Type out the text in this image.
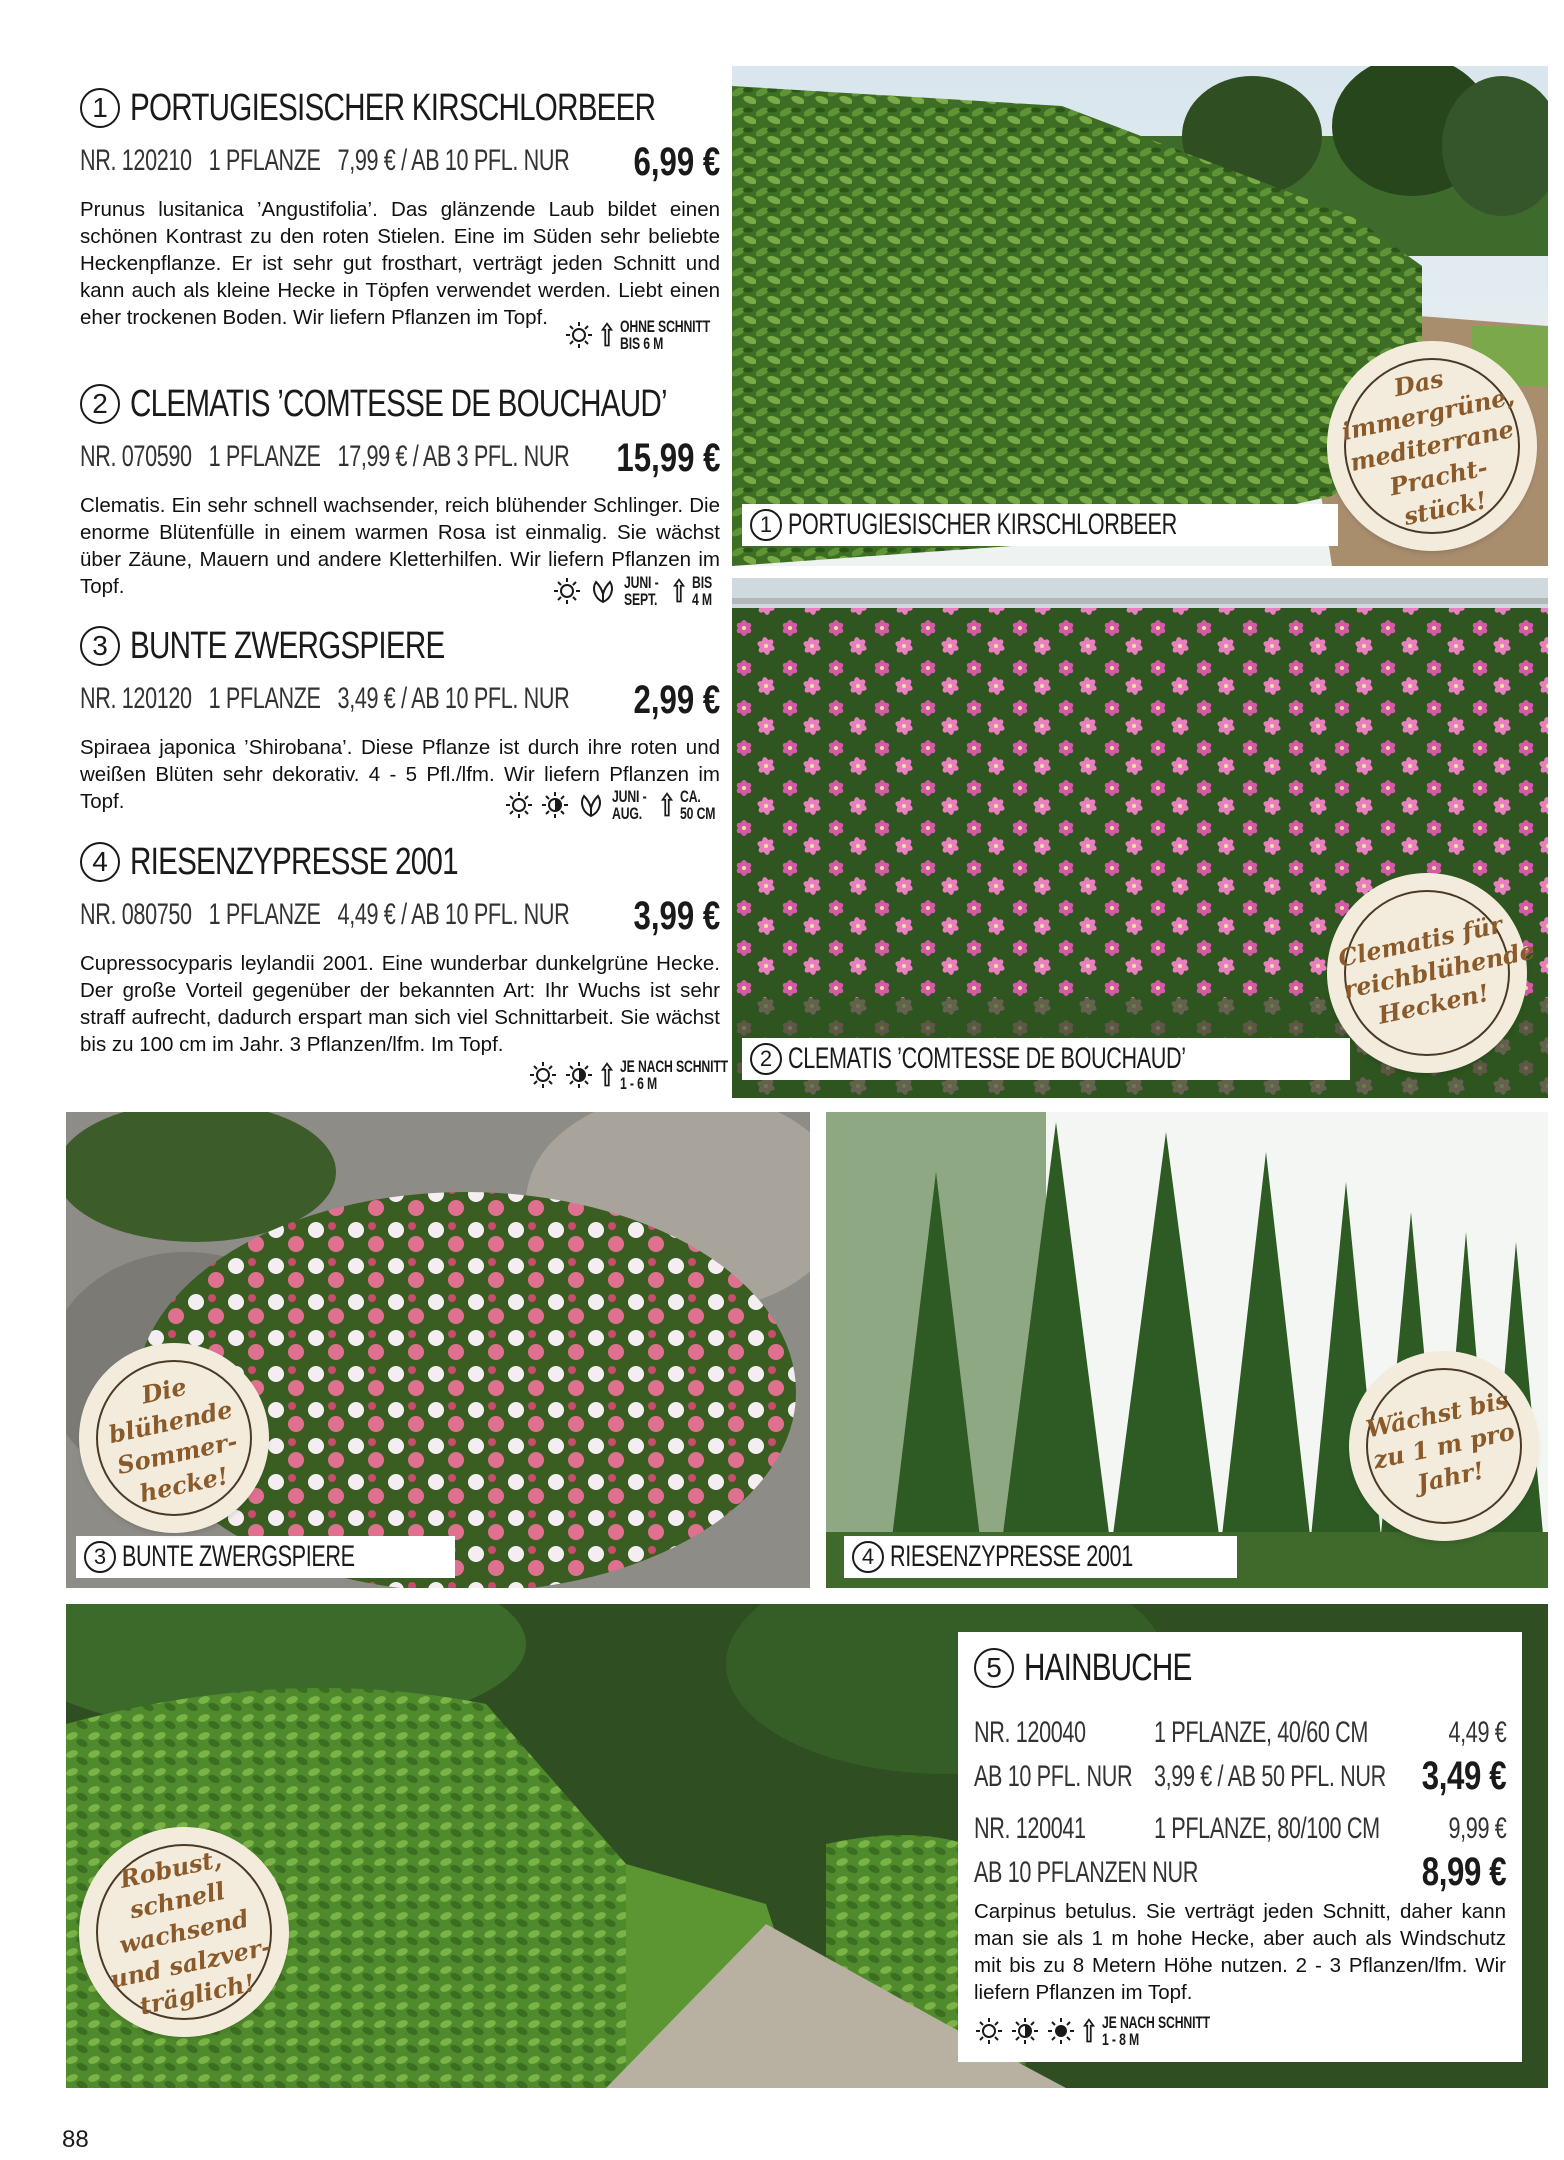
1 PORTUGIESISCHER KIRSCHLORBEER
NR. 120210 1 PFLANZE 7,99 € / AB 10 PFL. NUR 6,99 €
Prunus lusitanica ’Angustifolia’. Das glänzende Laub bildet einen schönen Kontrast zu den roten Stielen. Eine im Süden sehr beliebte Heckenpflanze. Er ist sehr gut frosthart, verträgt jeden Schnitt und kann auch als kleine Hecke in Töpfen verwendet werden. Liebt einen eher trockenen Boden. Wir liefern Pflanzen im Topf.	OHNE SCHNITT
BIS 6 M
2 CLEMATIS ’COMTESSE DE BOUCHAUD’
NR. 070590 1 PFLANZE 17,99 € / AB 3 PFL. NUR 15,99 €
Clematis. Ein sehr schnell wachsender, reich blühender Schlinger. Die enorme Blütenfülle in einem warmen Rosa ist einmalig. Sie wächst über Zäune, Mauern und andere Kletterhilfen. Wir liefern Pflanzen im Topf.	JUNI -
SEPT.
BIS
4 M
3 BUNTE ZWERGSPIERE
NR. 120120 1 PFLANZE 3,49 € / AB 10 PFL. NUR 2,99 €
Spiraea japonica ’Shirobana’. Diese Pflanze ist durch ihre roten und weißen Blüten sehr dekorativ. 4 - 5 Pfl./lfm. Wir liefern Pflanzen im Topf.	JUNI -
AUG.
CA.
50 CM
4 RIESENZYPRESSE 2001
NR. 080750 1 PFLANZE 4,49 € / AB 10 PFL. NUR 3,99 €
Cupressocyparis leylandii 2001. Eine wunderbar dunkelgrüne Hecke. Der große Vorteil gegenüber der bekannten Art: Ihr Wuchs ist sehr straff aufrecht, dadurch erspart man sich viel Schnittarbeit. Sie wächst bis zu 100 cm im Jahr. 3 Pflanzen/lfm. Im Topf.
JE NACH SCHNITT
1 - 6 M
1 PORTUGIESISCHER KIRSCHLORBEER
Das immergrüne, mediterrane Pracht-stück!
2 CLEMATIS ’COMTESSE DE BOUCHAUD’
Clematis für reichblühende Hecken!
3 BUNTE ZWERGSPIERE
Die blühende Sommer-hecke!
4 RIESENZYPRESSE 2001
Wächst bis zu 1 m pro Jahr!
Robust, schnell wachsend und salzver-träglich!
5 HAINBUCHE
NR. 120040 1 PFLANZE, 40/60 CM	4,49 €
AB 10 PFL. NUR 3,99 € / AB 50 PFL. NUR 3,49 €
NR. 120041 1 PFLANZE, 80/100 CM 9,99 €
AB 10 PFLANZEN NUR	8,99 €
Carpinus betulus. Sie verträgt jeden Schnitt, daher kann man sie als 1 m hohe Hecke, aber auch als Windschutz mit bis zu 8 Metern Höhe nutzen. 2 - 3 Pflanzen/lfm. Wir liefern Pflanzen im Topf.
JE NACH SCHNITT
1 - 8 M
88
